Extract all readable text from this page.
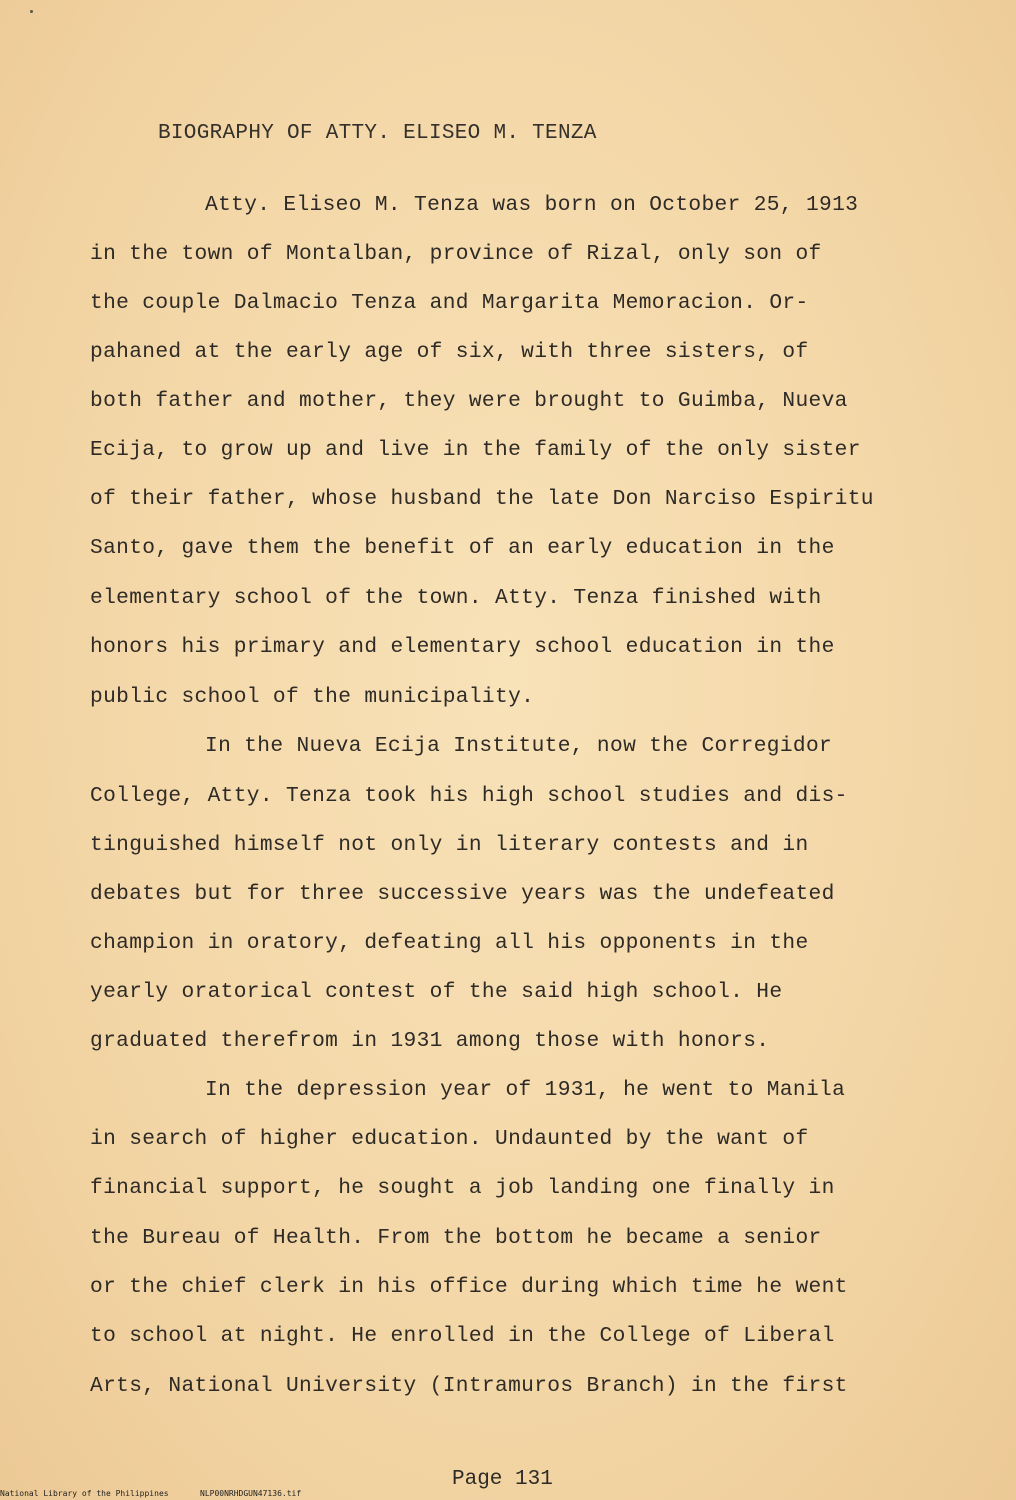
BIOGRAPHY OF ATTY. ELISEO M. TENZA
Atty. Eliseo M. Tenza was born on October 25, 1913
in the town of Montalban, province of Rizal, only son of
the couple Dalmacio Tenza and Margarita Memoracion. Or-
pahaned at the early age of six, with three sisters, of
both father and mother, they were brought to Guimba, Nueva
Ecija, to grow up and live in the family of the only sister
of their father, whose husband the late Don Narciso Espiritu
Santo, gave them the benefit of an early education in the
elementary school of the town. Atty. Tenza finished with
honors his primary and elementary school education in the
public school of the municipality.
In the Nueva Ecija Institute, now the Corregidor
College, Atty. Tenza took his high school studies and dis-
tinguished himself not only in literary contests and in
debates but for three successive years was the undefeated
champion in oratory, defeating all his opponents in the
yearly oratorical contest of the said high school. He
graduated therefrom in 1931 among those with honors.
In the depression year of 1931, he went to Manila
in search of higher education. Undaunted by the want of
financial support, he sought a job landing one finally in
the Bureau of Health. From the bottom he became a senior
or the chief clerk in his office during which time he went
to school at night. He enrolled in the College of Liberal
Arts, National University (Intramuros Branch) in the first
Page 131
National Library of the Philippines	NLP00NRHDGUN47136.tif
